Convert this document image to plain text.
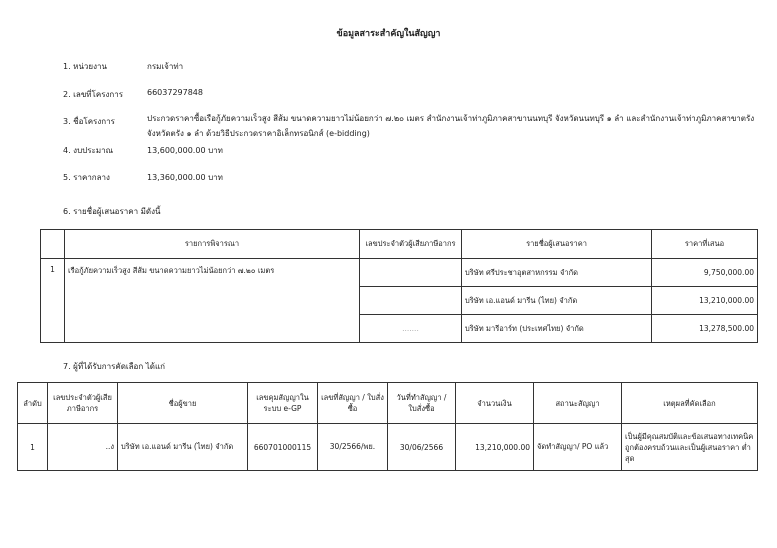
ข้อมูลสาระสำคัญในสัญญา
1. หน่วยงาน	กรมเจ้าท่า
2. เลขที่โครงการ	66037297848
3. ชื่อโครงการ	ประกวดราคาซื้อเรือกู้ภัยความเร็วสูง สีส้ม ขนาดความยาวไม่น้อยกว่า ๗.๒๐ เมตร สำนักงานเจ้าท่าภูมิภาคสาขานนทบุรี จังหวัดนนทบุรี ๑ ลำ และสำนักงานเจ้าท่าภูมิภาคสาขาตรัง จังหวัดตรัง ๑ ลำ ด้วยวิธีประกวดราคาอิเล็กทรอนิกส์ (e-bidding)
4. งบประมาณ	13,600,000.00 บาท
5. ราคากลาง	13,360,000.00 บาท
6. รายชื่อผู้เสนอราคา มีดังนี้
	รายการพิจารณา	เลขประจำตัวผู้เสียภาษีอากร	รายชื่อผู้เสนอราคา	ราคาที่เสนอ
1	เรือกู้ภัยความเร็วสูง สีส้ม ขนาดความยาวไม่น้อยกว่า ๗.๒๐ เมตร		บริษัท ศรีประชาอุตสาหกรรม จำกัด	9,750,000.00
			บริษัท เอ.แอนด์ มารีน (ไทย) จำกัด	13,210,000.00
		.......	บริษัท มารีอาร์ท (ประเทศไทย) จำกัด	13,278,500.00
7. ผู้ที่ได้รับการคัดเลือก ได้แก่
ลำดับ	เลขประจำตัวผู้เสียภาษีอากร	ชื่อผู้ขาย	เลขคุมสัญญาในระบบ e-GP	เลขที่สัญญา / ใบสั่งซื้อ	วันที่ทำสัญญา / ใบสั่งซื้อ	จำนวนเงิน	สถานะสัญญา	เหตุผลที่คัดเลือก
1	..ง	บริษัท เอ.แอนด์ มารีน (ไทย) จำกัด	660701000115	30/2566/พย.	30/06/2566	13,210,000.00	จัดทำสัญญา/ PO แล้ว	เป็นผู้มีคุณสมบัติและข้อเสนอทางเทคนิคถูกต้องครบถ้วนและเป็นผู้เสนอราคา ต่ำสุด
